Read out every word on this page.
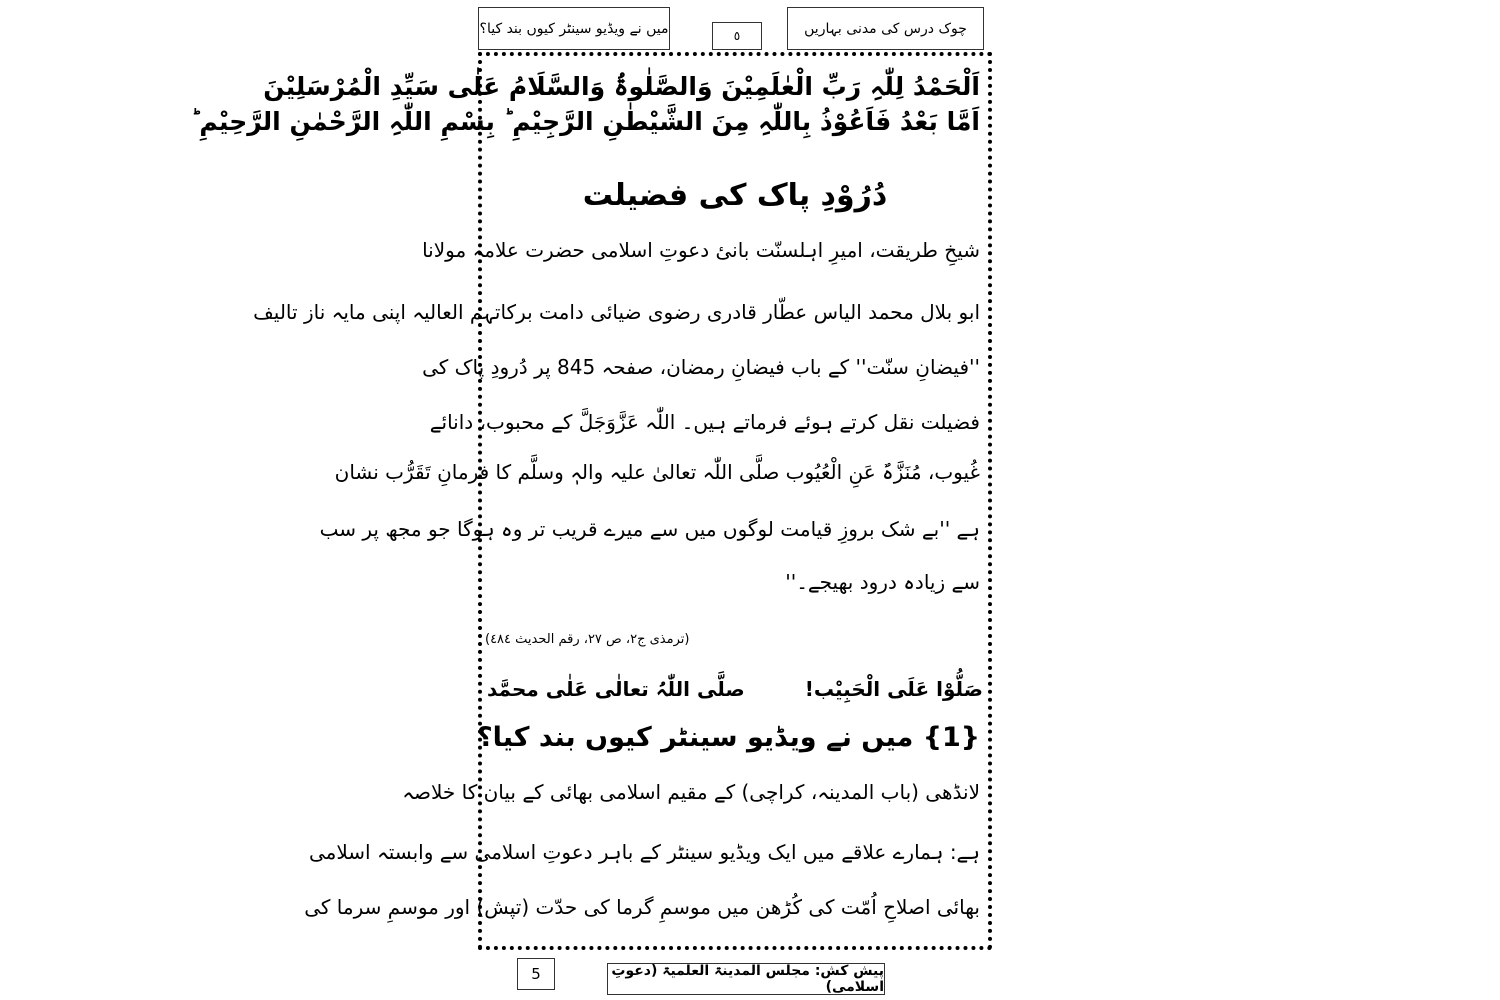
میں نے ویڈیو سینٹر کیوں بند کیا؟	٥	چوک درس کی مدنی بہاریں
اَلْحَمْدُ لِلّٰہِ رَبِّ الْعٰلَمِیْنَ وَالصَّلٰوۃُ وَالسَّلَامُ عَلٰی سَیِّدِ الْمُرْسَلِیْنَ
اَمَّا بَعْدُ فَاَعُوْذُ بِاللّٰہِ مِنَ الشَّیْطٰنِ الرَّجِیْمِ ؕ بِسْمِ اللّٰہِ الرَّحْمٰنِ الرَّحِیْمِ ؕ
دُرُوْدِ پاک کی فضیلت
شیخِ طریقت، امیرِ اہلسنّت بانیٔ دعوتِ اسلامی حضرت علامہ مولانا
ابو بلال محمد الیاس عطّار قادری رضوی ضیائی دامت برکاتہم العالیہ اپنی مایہ ناز تالیف
''فیضانِ سنّت'' کے باب فیضانِ رمضان، صفحہ 845 پر دُرودِ پاک کی
فضیلت نقل کرتے ہوئے فرماتے ہیں۔ اللّٰہ عَزَّوَجَلَّ کے محبوب، دانائے
غُیوب، مُنَزَّہٌ عَنِ الْعُیُوب صلَّی اللّٰہ تعالیٰ علیہ والہٖ وسلَّم کا فرمانِ تَقَرُّب نشان
ہے ''بے شک بروزِ قیامت لوگوں میں سے میرے قریب تر وہ ہوگا جو مجھ پر سب
سے زیادہ درود بھیجے۔''
(ترمذی ج۲، ص ۲۷، رقم الحدیث ٤٨٤)
صَلُّوْا عَلَی الْحَبِیْب!
صلَّی اللّٰہُ تعالٰی عَلٰی محمَّد
{1} میں نے ویڈیو سینٹر کیوں بند کیا؟
لانڈھی (باب المدینہ، کراچی) کے مقیم اسلامی بھائی کے بیان کا خلاصہ
ہے: ہمارے علاقے میں ایک ویڈیو سینٹر کے باہر دعوتِ اسلامی سے وابستہ اسلامی
بھائی اصلاحِ اُمّت کی کُڑھن میں موسمِ گرما کی حدّت (تپش) اور موسمِ سرما کی
5	پیش کش: مجلس المدینۃ العلمیۃ (دعوتِ اسلامی)
